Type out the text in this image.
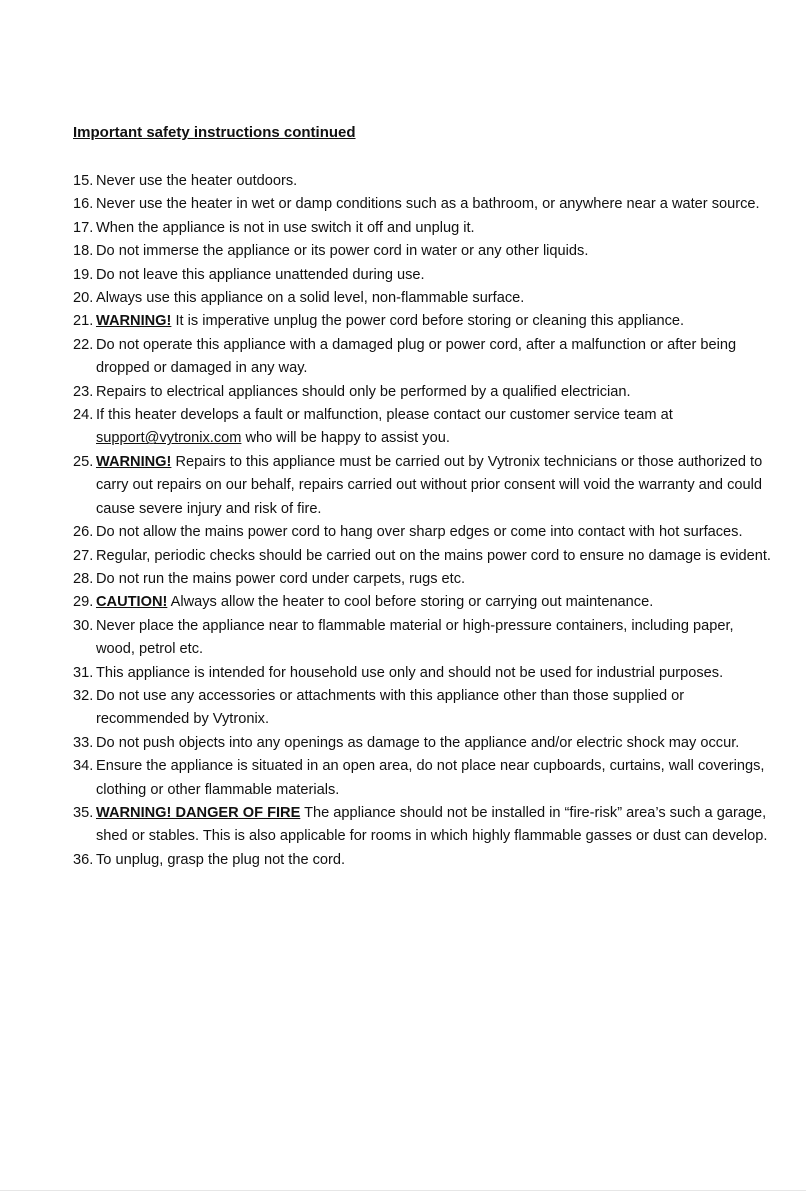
Important safety instructions continued
15. Never use the heater outdoors.
16. Never use the heater in wet or damp conditions such as a bathroom, or anywhere near a water source.
17. When the appliance is not in use switch it off and unplug it.
18. Do not immerse the appliance or its power cord in water or any other liquids.
19. Do not leave this appliance unattended during use.
20. Always use this appliance on a solid level, non-flammable surface.
21. WARNING! It is imperative unplug the power cord before storing or cleaning this appliance.
22. Do not operate this appliance with a damaged plug or power cord, after a malfunction or after being dropped or damaged in any way.
23. Repairs to electrical appliances should only be performed by a qualified electrician.
24. If this heater develops a fault or malfunction, please contact our customer service team at support@vytronix.com who will be happy to assist you.
25. WARNING! Repairs to this appliance must be carried out by Vytronix technicians or those authorized to carry out repairs on our behalf, repairs carried out without prior consent will void the warranty and could cause severe injury and risk of fire.
26. Do not allow the mains power cord to hang over sharp edges or come into contact with hot surfaces.
27. Regular, periodic checks should be carried out on the mains power cord to ensure no damage is evident.
28. Do not run the mains power cord under carpets, rugs etc.
29. CAUTION! Always allow the heater to cool before storing or carrying out maintenance.
30. Never place the appliance near to flammable material or high-pressure containers, including paper, wood, petrol etc.
31. This appliance is intended for household use only and should not be used for industrial purposes.
32. Do not use any accessories or attachments with this appliance other than those supplied or recommended by Vytronix.
33. Do not push objects into any openings as damage to the appliance and/or electric shock may occur.
34. Ensure the appliance is situated in an open area, do not place near cupboards, curtains, wall coverings, clothing or other flammable materials.
35. WARNING! DANGER OF FIRE The appliance should not be installed in “fire-risk” area’s such a garage, shed or stables. This is also applicable for rooms in which highly flammable gasses or dust can develop.
36. To unplug, grasp the plug not the cord.
